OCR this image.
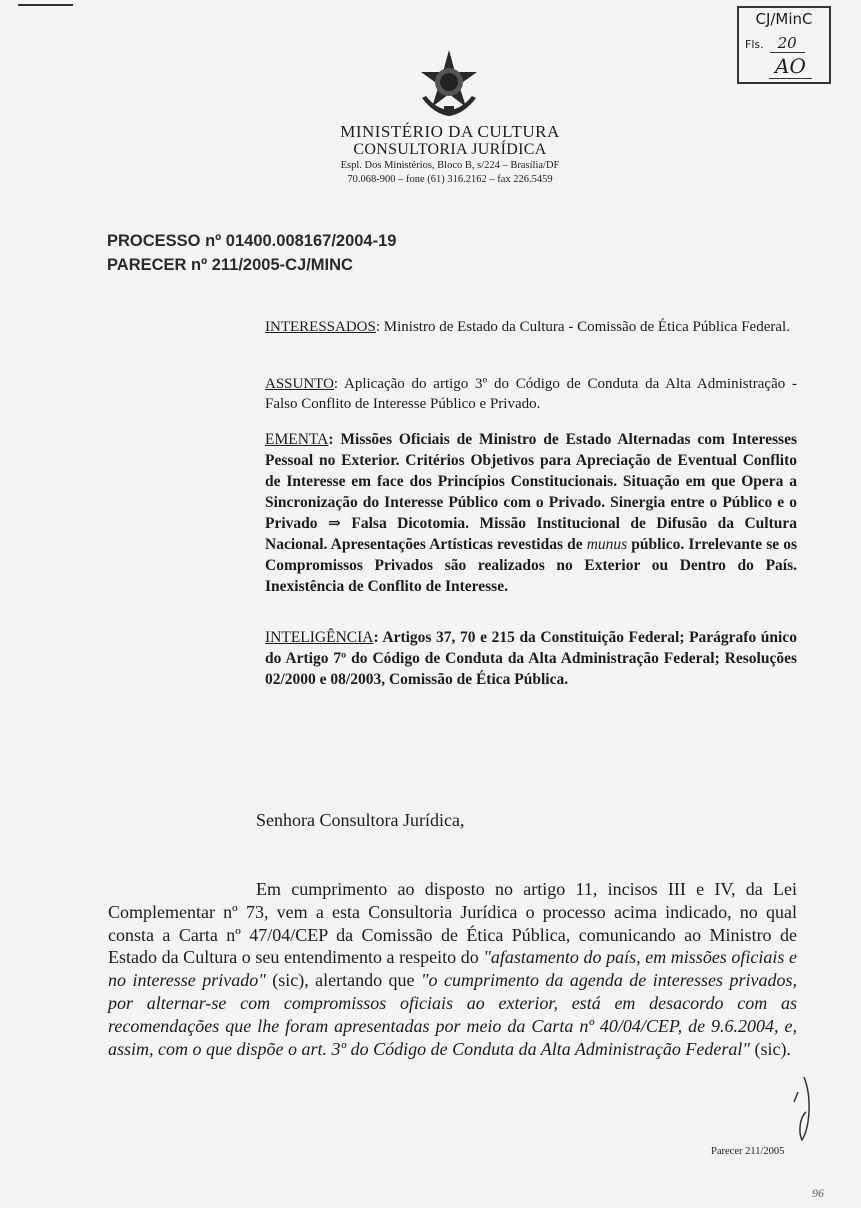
CJ/MinC
Fls. 20
AO
MINISTÉRIO DA CULTURA
CONSULTORIA JURÍDICA
Espl. Dos Ministérios, Bloco B, s/224 – Brasília/DF
70.068-900 – fone (61) 316.2162 – fax 226.5459
PROCESSO nº 01400.008167/2004-19
PARECER nº 211/2005-CJ/MINC
INTERESSADOS: Ministro de Estado da Cultura - Comissão de Ética Pública Federal.
ASSUNTO: Aplicação do artigo 3º do Código de Conduta da Alta Administração - Falso Conflito de Interesse Público e Privado.
EMENTA: Missões Oficiais de Ministro de Estado Alternadas com Interesses Pessoal no Exterior. Critérios Objetivos para Apreciação de Eventual Conflito de Interesse em face dos Princípios Constitucionais. Situação em que Opera a Sincronização do Interesse Público com o Privado. Sinergia entre o Público e o Privado ⇒ Falsa Dicotomia. Missão Institucional de Difusão da Cultura Nacional. Apresentações Artísticas revestidas de munus público. Irrelevante se os Compromissos Privados são realizados no Exterior ou Dentro do País. Inexistência de Conflito de Interesse.
INTELIGÊNCIA: Artigos 37, 70 e 215 da Constituição Federal; Parágrafo único do Artigo 7º do Código de Conduta da Alta Administração Federal; Resoluções 02/2000 e 08/2003, Comissão de Ética Pública.
Senhora Consultora Jurídica,
Em cumprimento ao disposto no artigo 11, incisos III e IV, da Lei Complementar nº 73, vem a esta Consultoria Jurídica o processo acima indicado, no qual consta a Carta nº 47/04/CEP da Comissão de Ética Pública, comunicando ao Ministro de Estado da Cultura o seu entendimento a respeito do "afastamento do país, em missões oficiais e no interesse privado" (sic), alertando que "o cumprimento da agenda de interesses privados, por alternar-se com compromissos oficiais ao exterior, está em desacordo com as recomendações que lhe foram apresentadas por meio da Carta nº 40/04/CEP, de 9.6.2004, e, assim, com o que dispõe o art. 3º do Código de Conduta da Alta Administração Federal" (sic).
Parecer 211/2005
96
